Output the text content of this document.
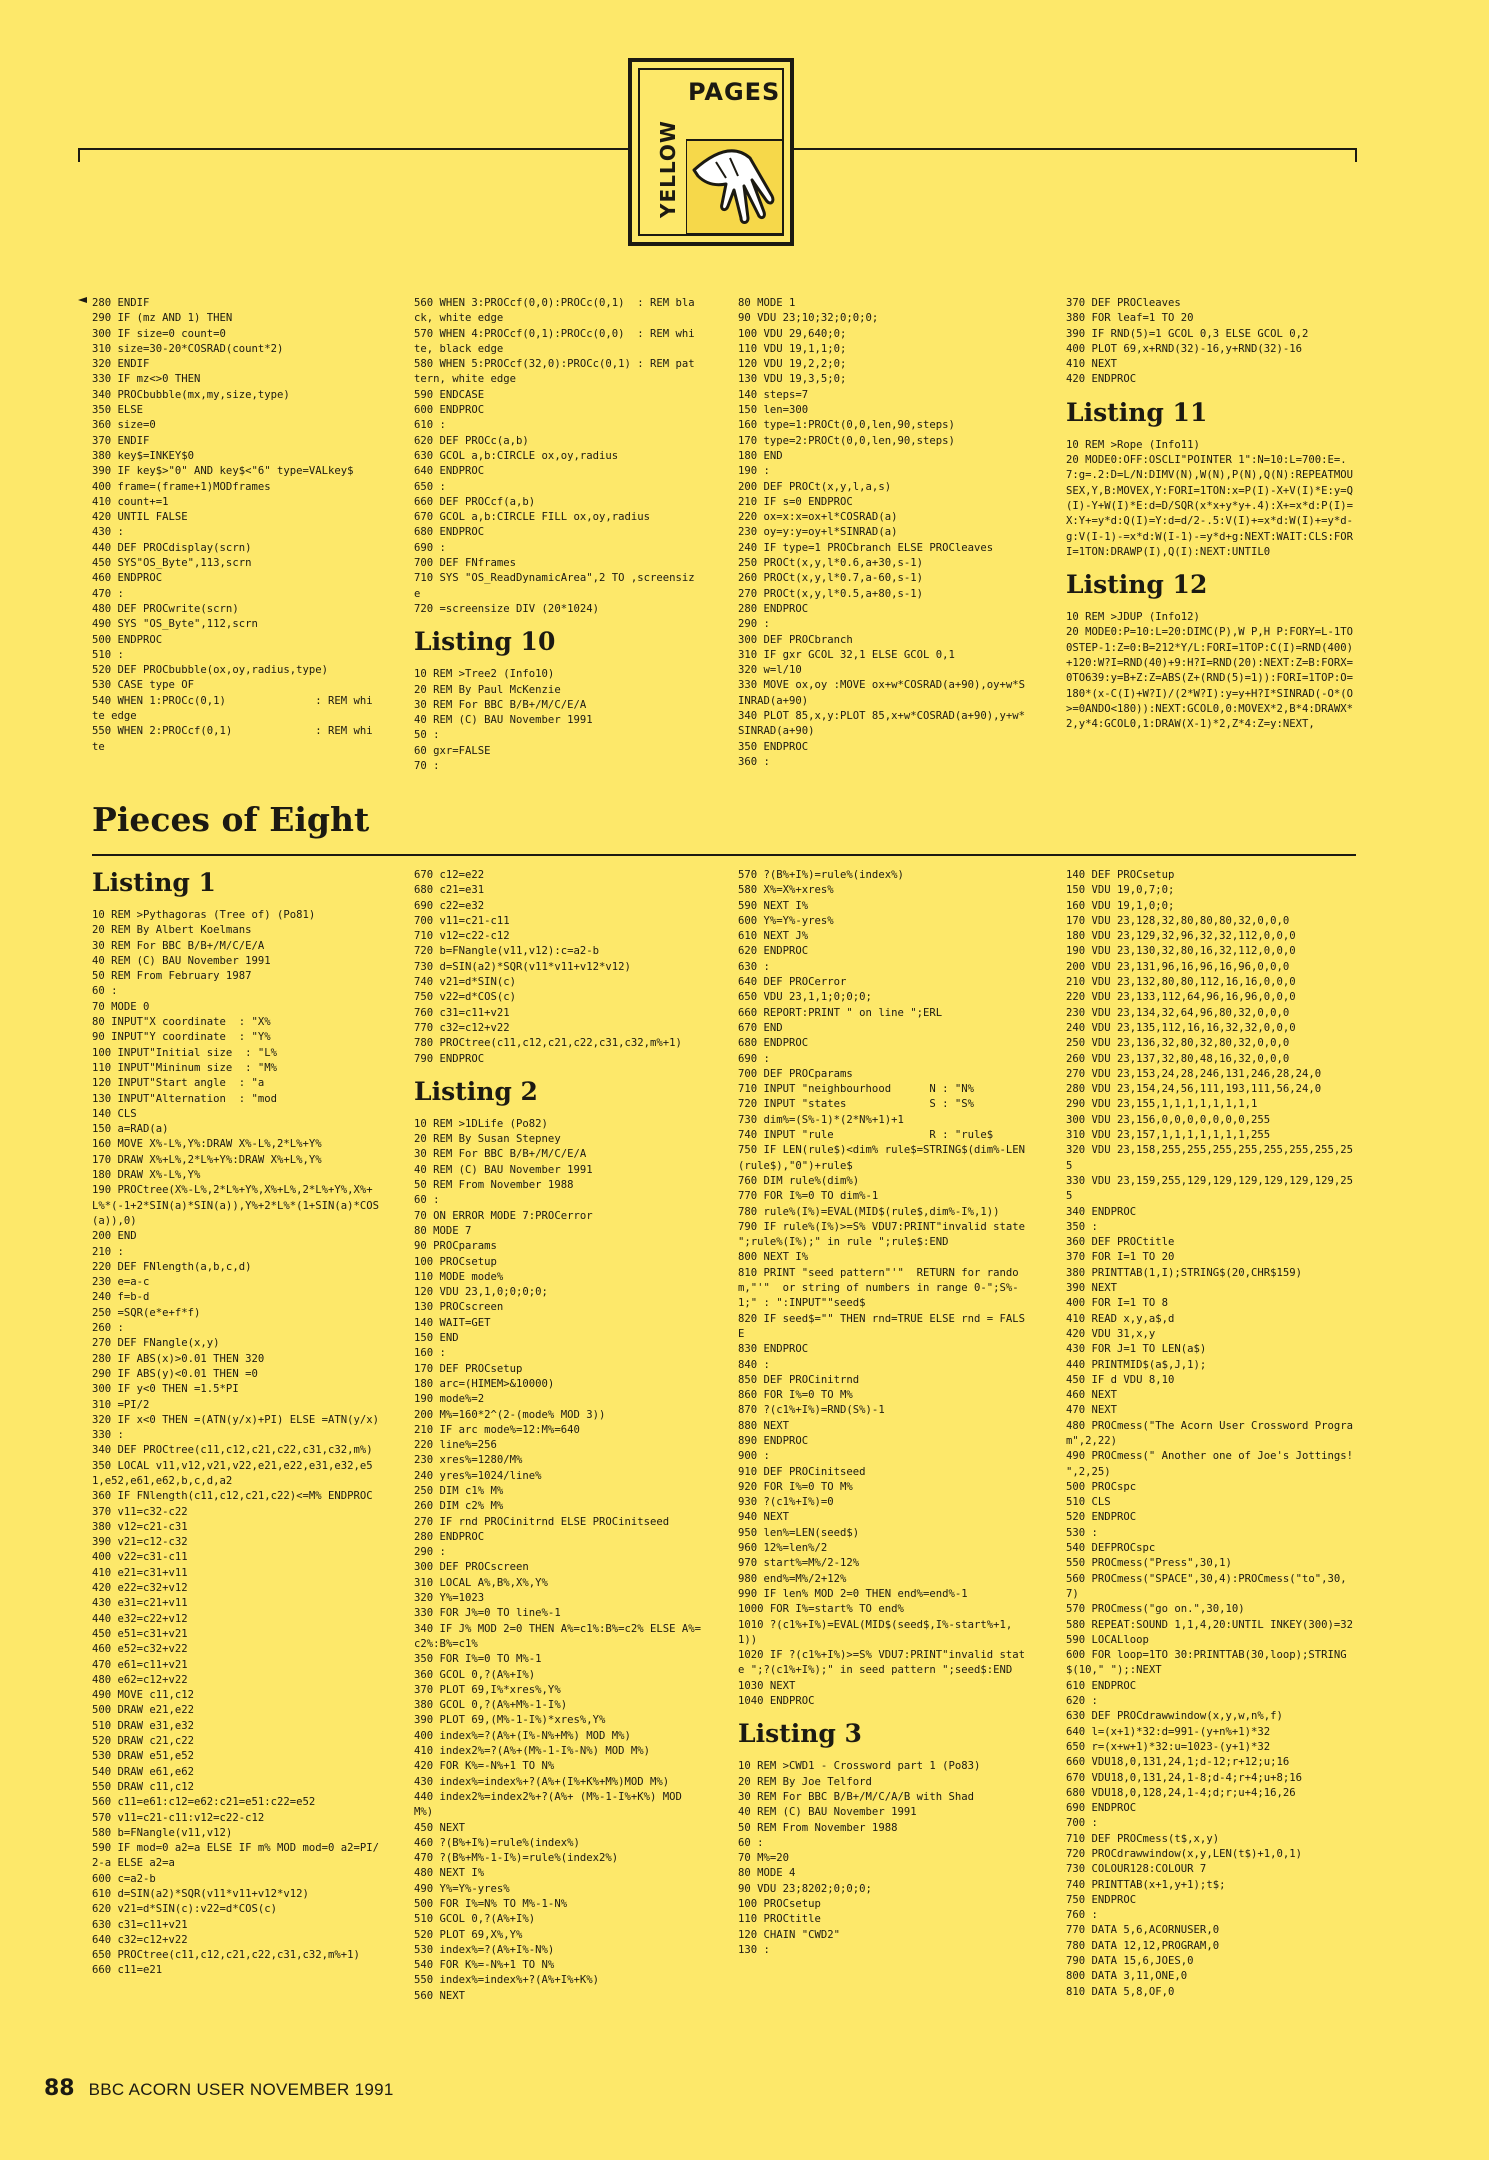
PAGES
YELLOW
280 ENDIF
290 IF (mz AND 1) THEN
300 IF size=0 count=0
310 size=30-20*COSRAD(count*2)
320 ENDIF
330 IF mz<>0 THEN
340 PROCbubble(mx,my,size,type)
350 ELSE
360 size=0
370 ENDIF
380 key$=INKEY$0
390 IF key$>"0" AND key$<"6" type=VALkey$
400 frame=(frame+1)MODframes
410 count+=1
420 UNTIL FALSE
430 :
440 DEF PROCdisplay(scrn)
450 SYS"OS_Byte",113,scrn
460 ENDPROC
470 :
480 DEF PROCwrite(scrn)
490 SYS "OS_Byte",112,scrn
500 ENDPROC
510 :
520 DEF PROCbubble(ox,oy,radius,type)
530 CASE type OF
540 WHEN 1:PROCc(0,1)              : REM white edge
550 WHEN 2:PROCcf(0,1)             : REM white
560 WHEN 3:PROCcf(0,0):PROCc(0,1)  : REM black, white edge
570 WHEN 4:PROCcf(0,1):PROCc(0,0)  : REM white, black edge
580 WHEN 5:PROCcf(32,0):PROCc(0,1) : REM pattern, white edge
590 ENDCASE
600 ENDPROC
610 :
620 DEF PROCc(a,b)
630 GCOL a,b:CIRCLE ox,oy,radius
640 ENDPROC
650 :
660 DEF PROCcf(a,b)
670 GCOL a,b:CIRCLE FILL ox,oy,radius
680 ENDPROC
690 :
700 DEF FNframes
710 SYS "OS_ReadDynamicArea",2 TO ,screensize
720 =screensize DIV (20*1024)
Listing 10
10 REM >Tree2 (Info10)
20 REM By Paul McKenzie
30 REM For BBC B/B+/M/C/E/A
40 REM (C) BAU November 1991
50 :
60 gxr=FALSE
70 :
80 MODE 1
90 VDU 23;10;32;0;0;0;
100 VDU 29,640;0;
110 VDU 19,1,1;0;
120 VDU 19,2,2;0;
130 VDU 19,3,5;0;
140 steps=7
150 len=300
160 type=1:PROCt(0,0,len,90,steps)
170 type=2:PROCt(0,0,len,90,steps)
180 END
190 :
200 DEF PROCt(x,y,l,a,s)
210 IF s=0 ENDPROC
220 ox=x:x=ox+l*COSRAD(a)
230 oy=y:y=oy+l*SINRAD(a)
240 IF type=1 PROCbranch ELSE PROCleaves
250 PROCt(x,y,l*0.6,a+30,s-1)
260 PROCt(x,y,l*0.7,a-60,s-1)
270 PROCt(x,y,l*0.5,a+80,s-1)
280 ENDPROC
290 :
300 DEF PROCbranch
310 IF gxr GCOL 32,1 ELSE GCOL 0,1
320 w=l/10
330 MOVE ox,oy :MOVE ox+w*COSRAD(a+90),oy+w*SINRAD(a+90)
340 PLOT 85,x,y:PLOT 85,x+w*COSRAD(a+90),y+w*SINRAD(a+90)
350 ENDPROC
360 :
370 DEF PROCleaves
380 FOR leaf=1 TO 20
390 IF RND(5)=1 GCOL 0,3 ELSE GCOL 0,2
400 PLOT 69,x+RND(32)-16,y+RND(32)-16
410 NEXT
420 ENDPROC
Listing 11
10 REM >Rope (Info11)
20 MODE0:OFF:OSCLI"POINTER 1":N=10:L=700:E=.7:g=.2:D=L/N:DIMV(N),W(N),P(N),Q(N):REPEATMOUSEX,Y,B:MOVEX,Y:FORI=1TON:x=P(I)-X+V(I)*E:y=Q(I)-Y+W(I)*E:d=D/SQR(x*x+y*y+.4):X+=x*d:P(I)=X:Y+=y*d:Q(I)=Y:d=d/2-.5:V(I)+=x*d:W(I)+=y*d-g:V(I-1)-=x*d:W(I-1)-=y*d+g:NEXT:WAIT:CLS:FORI=1TON:DRAWP(I),Q(I):NEXT:UNTIL0
Listing 12
10 REM >JDUP (Info12)
20 MODE0:P=10:L=20:DIMC(P),W P,H P:FORY=L-1TO0STEP-1:Z=0:B=212*Y/L:FORI=1TOP:C(I)=RND(400)+120:W?I=RND(40)+9:H?I=RND(20):NEXT:Z=B:FORX=0TO639:y=B+Z:Z=ABS(Z+(RND(5)=1)):FORI=1TOP:O=180*(x-C(I)+W?I)/(2*W?I):y=y+H?I*SINRAD(-O*(O>=0ANDO<180)):NEXT:GCOL0,0:MOVEX*2,B*4:DRAWX*2,y*4:GCOL0,1:DRAW(X-1)*2,Z*4:Z=y:NEXT,
Pieces of Eight
Listing 1
10 REM >Pythagoras (Tree of) (Po81)
20 REM By Albert Koelmans
30 REM For BBC B/B+/M/C/E/A
40 REM (C) BAU November 1991
50 REM From February 1987
60 :
70 MODE 0
80 INPUT"X coordinate  : "X%
90 INPUT"Y coordinate  : "Y%
100 INPUT"Initial size  : "L%
110 INPUT"Mininum size  : "M%
120 INPUT"Start angle  : "a
130 INPUT"Alternation  : "mod
140 CLS
150 a=RAD(a)
160 MOVE X%-L%,Y%:DRAW X%-L%,2*L%+Y%
170 DRAW X%+L%,2*L%+Y%:DRAW X%+L%,Y%
180 DRAW X%-L%,Y%
190 PROCtree(X%-L%,2*L%+Y%,X%+L%,2*L%+Y%,X%+L%*(-1+2*SIN(a)*SIN(a)),Y%+2*L%*(1+SIN(a)*COS(a)),0)
200 END
210 :
220 DEF FNlength(a,b,c,d)
230 e=a-c
240 f=b-d
250 =SQR(e*e+f*f)
260 :
270 DEF FNangle(x,y)
280 IF ABS(x)>0.01 THEN 320
290 IF ABS(y)<0.01 THEN =0
300 IF y<0 THEN =1.5*PI
310 =PI/2
320 IF x<0 THEN =(ATN(y/x)+PI) ELSE =ATN(y/x)
330 :
340 DEF PROCtree(c11,c12,c21,c22,c31,c32,m%)
350 LOCAL v11,v12,v21,v22,e21,e22,e31,e32,e51,e52,e61,e62,b,c,d,a2
360 IF FNlength(c11,c12,c21,c22)<=M% ENDPROC
370 v11=c32-c22
380 v12=c21-c31
390 v21=c12-c32
400 v22=c31-c11
410 e21=c31+v11
420 e22=c32+v12
430 e31=c21+v11
440 e32=c22+v12
450 e51=c31+v21
460 e52=c32+v22
470 e61=c11+v21
480 e62=c12+v22
490 MOVE c11,c12
500 DRAW e21,e22
510 DRAW e31,e32
520 DRAW c21,c22
530 DRAW e51,e52
540 DRAW e61,e62
550 DRAW c11,c12
560 c11=e61:c12=e62:c21=e51:c22=e52
570 v11=c21-c11:v12=c22-c12
580 b=FNangle(v11,v12)
590 IF mod=0 a2=a ELSE IF m% MOD mod=0 a2=PI/2-a ELSE a2=a
600 c=a2-b
610 d=SIN(a2)*SQR(v11*v11+v12*v12)
620 v21=d*SIN(c):v22=d*COS(c)
630 c31=c11+v21
640 c32=c12+v22
650 PROCtree(c11,c12,c21,c22,c31,c32,m%+1)
660 c11=e21
670 c12=e22
680 c21=e31
690 c22=e32
700 v11=c21-c11
710 v12=c22-c12
720 b=FNangle(v11,v12):c=a2-b
730 d=SIN(a2)*SQR(v11*v11+v12*v12)
740 v21=d*SIN(c)
750 v22=d*COS(c)
760 c31=c11+v21
770 c32=c12+v22
780 PROCtree(c11,c12,c21,c22,c31,c32,m%+1)
790 ENDPROC
Listing 2
10 REM >1DLife (Po82)
20 REM By Susan Stepney
30 REM For BBC B/B+/M/C/E/A
40 REM (C) BAU November 1991
50 REM From November 1988
60 :
70 ON ERROR MODE 7:PROCerror
80 MODE 7
90 PROCparams
100 PROCsetup
110 MODE mode%
120 VDU 23,1,0;0;0;0;
130 PROCscreen
140 WAIT=GET
150 END
160 :
170 DEF PROCsetup
180 arc=(HIMEM>&10000)
190 mode%=2
200 M%=160*2^(2-(mode% MOD 3))
210 IF arc mode%=12:M%=640
220 line%=256
230 xres%=1280/M%
240 yres%=1024/line%
250 DIM c1% M%
260 DIM c2% M%
270 IF rnd PROCinitrnd ELSE PROCinitseed
280 ENDPROC
290 :
300 DEF PROCscreen
310 LOCAL A%,B%,X%,Y%
320 Y%=1023
330 FOR J%=0 TO line%-1
340 IF J% MOD 2=0 THEN A%=c1%:B%=c2% ELSE A%=c2%:B%=c1%
350 FOR I%=0 TO M%-1
360 GCOL 0,?(A%+I%)
370 PLOT 69,I%*xres%,Y%
380 GCOL 0,?(A%+M%-1-I%)
390 PLOT 69,(M%-1-I%)*xres%,Y%
400 index%=?(A%+(I%-N%+M%) MOD M%)
410 index2%=?(A%+(M%-1-I%-N%) MOD M%)
420 FOR K%=-N%+1 TO N%
430 index%=index%+?(A%+(I%+K%+M%)MOD M%)
440 index2%=index2%+?(A%+ (M%-1-I%+K%) MOD M%)
450 NEXT
460 ?(B%+I%)=rule%(index%)
470 ?(B%+M%-1-I%)=rule%(index2%)
480 NEXT I%
490 Y%=Y%-yres%
500 FOR I%=N% TO M%-1-N%
510 GCOL 0,?(A%+I%)
520 PLOT 69,X%,Y%
530 index%=?(A%+I%-N%)
540 FOR K%=-N%+1 TO N%
550 index%=index%+?(A%+I%+K%)
560 NEXT
570 ?(B%+I%)=rule%(index%)
580 X%=X%+xres%
590 NEXT I%
600 Y%=Y%-yres%
610 NEXT J%
620 ENDPROC
630 :
640 DEF PROCerror
650 VDU 23,1,1;0;0;0;
660 REPORT:PRINT " on line ";ERL
670 END
680 ENDPROC
690 :
700 DEF PROCparams
710 INPUT "neighbourhood      N : "N%
720 INPUT "states             S : "S%
730 dim%=(S%-1)*(2*N%+1)+1
740 INPUT "rule               R : "rule$
750 IF LEN(rule$)<dim% rule$=STRING$(dim%-LEN(rule$),"0")+rule$
760 DIM rule%(dim%)
770 FOR I%=0 TO dim%-1
780 rule%(I%)=EVAL(MID$(rule$,dim%-I%,1))
790 IF rule%(I%)>=S% VDU7:PRINT"invalid state ";rule%(I%);" in rule ";rule$:END
800 NEXT I%
810 PRINT "seed pattern"'"  RETURN for random,"'"  or string of numbers in range 0-";S%-1;" : ":INPUT""seed$
820 IF seed$="" THEN rnd=TRUE ELSE rnd = FALSE
830 ENDPROC
840 :
850 DEF PROCinitrnd
860 FOR I%=0 TO M%
870 ?(c1%+I%)=RND(S%)-1
880 NEXT
890 ENDPROC
900 :
910 DEF PROCinitseed
920 FOR I%=0 TO M%
930 ?(c1%+I%)=0
940 NEXT
950 len%=LEN(seed$)
960 12%=len%/2
970 start%=M%/2-12%
980 end%=M%/2+12%
990 IF len% MOD 2=0 THEN end%=end%-1
1000 FOR I%=start% TO end%
1010 ?(c1%+I%)=EVAL(MID$(seed$,I%-start%+1,1))
1020 IF ?(c1%+I%)>=S% VDU7:PRINT"invalid state ";?(c1%+I%);" in seed pattern ";seed$:END
1030 NEXT
1040 ENDPROC
Listing 3
10 REM >CWD1 - Crossword part 1 (Po83)
20 REM By Joe Telford
30 REM For BBC B/B+/M/C/A/B with Shad
40 REM (C) BAU November 1991
50 REM From November 1988
60 :
70 M%=20
80 MODE 4
90 VDU 23;8202;0;0;0;
100 PROCsetup
110 PROCtitle
120 CHAIN "CWD2"
130 :
140 DEF PROCsetup
150 VDU 19,0,7;0;
160 VDU 19,1,0;0;
170 VDU 23,128,32,80,80,80,32,0,0,0
180 VDU 23,129,32,96,32,32,112,0,0,0
190 VDU 23,130,32,80,16,32,112,0,0,0
200 VDU 23,131,96,16,96,16,96,0,0,0
210 VDU 23,132,80,80,112,16,16,0,0,0
220 VDU 23,133,112,64,96,16,96,0,0,0
230 VDU 23,134,32,64,96,80,32,0,0,0
240 VDU 23,135,112,16,16,32,32,0,0,0
250 VDU 23,136,32,80,32,80,32,0,0,0
260 VDU 23,137,32,80,48,16,32,0,0,0
270 VDU 23,153,24,28,246,131,246,28,24,0
280 VDU 23,154,24,56,111,193,111,56,24,0
290 VDU 23,155,1,1,1,1,1,1,1,1
300 VDU 23,156,0,0,0,0,0,0,0,255
310 VDU 23,157,1,1,1,1,1,1,1,255
320 VDU 23,158,255,255,255,255,255,255,255,255
330 VDU 23,159,255,129,129,129,129,129,129,255
340 ENDPROC
350 :
360 DEF PROCtitle
370 FOR I=1 TO 20
380 PRINTTAB(1,I);STRING$(20,CHR$159)
390 NEXT
400 FOR I=1 TO 8
410 READ x,y,a$,d
420 VDU 31,x,y
430 FOR J=1 TO LEN(a$)
440 PRINTMID$(a$,J,1);
450 IF d VDU 8,10
460 NEXT
470 NEXT
480 PROCmess("The Acorn User Crossword Program",2,22)
490 PROCmess(" Another one of Joe's Jottings! ",2,25)
500 PROCspc
510 CLS
520 ENDPROC
530 :
540 DEFPROCspc
550 PROCmess("Press",30,1)
560 PROCmess("SPACE",30,4):PROCmess("to",30,7)
570 PROCmess("go on.",30,10)
580 REPEAT:SOUND 1,1,4,20:UNTIL INKEY(300)=32
590 LOCALloop
600 FOR loop=1TO 30:PRINTTAB(30,loop);STRING$(10," ");:NEXT
610 ENDPROC
620 :
630 DEF PROCdrawwindow(x,y,w,n%,f)
640 l=(x+1)*32:d=991-(y+n%+1)*32
650 r=(x+w+1)*32:u=1023-(y+1)*32
660 VDU18,0,131,24,1;d-12;r+12;u;16
670 VDU18,0,131,24,1-8;d-4;r+4;u+8;16
680 VDU18,0,128,24,1-4;d;r;u+4;16,26
690 ENDPROC
700 :
710 DEF PROCmess(t$,x,y)
720 PROCdrawwindow(x,y,LEN(t$)+1,0,1)
730 COLOUR128:COLOUR 7
740 PRINTTAB(x+1,y+1);t$;
750 ENDPROC
760 :
770 DATA 5,6,ACORNUSER,0
780 DATA 12,12,PROGRAM,0
790 DATA 15,6,JOES,0
800 DATA 3,11,ONE,0
810 DATA 5,8,OF,0
88 BBC ACORN USER NOVEMBER 1991
